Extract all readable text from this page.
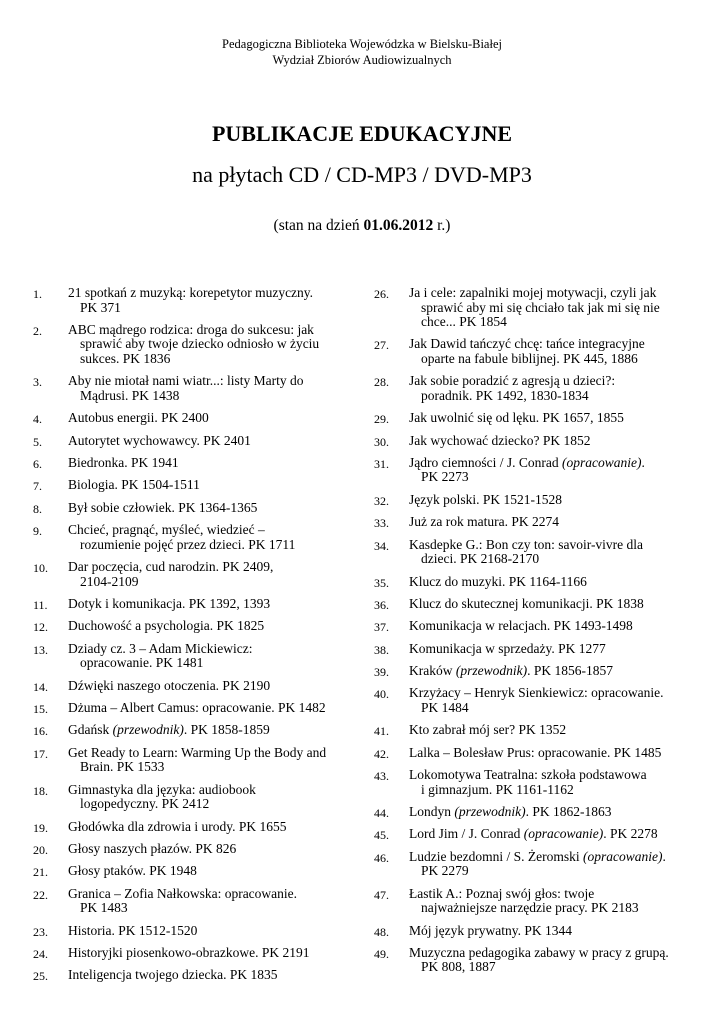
Pedagogiczna Biblioteka Wojewódzka w Bielsku-Białej
Wydział Zbiorów Audiowizualnych
PUBLIKACJE EDUKACYJNE
na płytach CD / CD-MP3 / DVD-MP3
(stan na dzień 01.06.2012 r.)
1. 21 spotkań z muzyką: korepetytor muzyczny.
PK 371
2. ABC mądrego rodzica: droga do sukcesu: jak
sprawić aby twoje dziecko odniosło w życiu
sukces. PK 1836
3. Aby nie miotał nami wiatr...: listy Marty do
Mądrusi. PK 1438
4. Autobus energii. PK 2400
5. Autorytet wychowawcy. PK 2401
6. Biedronka. PK 1941
7. Biologia. PK 1504-1511
8. Był sobie człowiek. PK 1364-1365
9. Chcieć, pragnąć, myśleć, wiedzieć –
rozumienie pojęć przez dzieci. PK 1711
10. Dar poczęcia, cud narodzin. PK 2409,
2104-2109
11. Dotyk i komunikacja. PK 1392, 1393
12. Duchowość a psychologia. PK 1825
13. Dziady cz. 3 – Adam Mickiewicz:
opracowanie. PK 1481
14. Dźwięki naszego otoczenia. PK 2190
15. Dżuma – Albert Camus: opracowanie. PK 1482
16. Gdańsk (przewodnik). PK 1858-1859
17. Get Ready to Learn: Warming Up the Body and
Brain. PK 1533
18. Gimnastyka dla języka: audiobook
logopedyczny. PK 2412
19. Głodówka dla zdrowia i urody. PK 1655
20. Głosy naszych płazów. PK 826
21. Głosy ptaków. PK 1948
22. Granica – Zofia Nałkowska: opracowanie.
PK 1483
23. Historia. PK 1512-1520
24. Historyjki piosenkowo-obrazkowe. PK 2191
25. Inteligencja twojego dziecka. PK 1835
26. Ja i cele: zapalniki mojej motywacji, czyli jak
sprawić aby mi się chciało tak jak mi się nie
chce... PK 1854
27. Jak Dawid tańczyć chcę: tańce integracyjne
oparte na fabule biblijnej. PK 445, 1886
28. Jak sobie poradzić z agresją u dzieci?:
poradnik. PK 1492, 1830-1834
29. Jak uwolnić się od lęku. PK 1657, 1855
30. Jak wychować dziecko? PK 1852
31. Jądro ciemności / J. Conrad (opracowanie).
PK 2273
32. Język polski. PK 1521-1528
33. Już za rok matura. PK 2274
34. Kasdepke G.: Bon czy ton: savoir-vivre dla
dzieci. PK 2168-2170
35. Klucz do muzyki. PK 1164-1166
36. Klucz do skutecznej komunikacji. PK 1838
37. Komunikacja w relacjach. PK 1493-1498
38. Komunikacja w sprzedaży. PK 1277
39. Kraków (przewodnik). PK 1856-1857
40. Krzyżacy – Henryk Sienkiewicz: opracowanie.
PK 1484
41. Kto zabrał mój ser? PK 1352
42. Lalka – Bolesław Prus: opracowanie. PK 1485
43. Lokomotywa Teatralna: szkoła podstawowa
i gimnazjum. PK 1161-1162
44. Londyn (przewodnik). PK 1862-1863
45. Lord Jim / J. Conrad (opracowanie). PK 2278
46. Ludzie bezdomni / S. Żeromski (opracowanie).
PK 2279
47. Łastik A.: Poznaj swój głos: twoje
najważniejsze narzędzie pracy. PK 2183
48. Mój język prywatny. PK 1344
49. Muzyczna pedagogika zabawy w pracy z grupą.
PK 808, 1887
